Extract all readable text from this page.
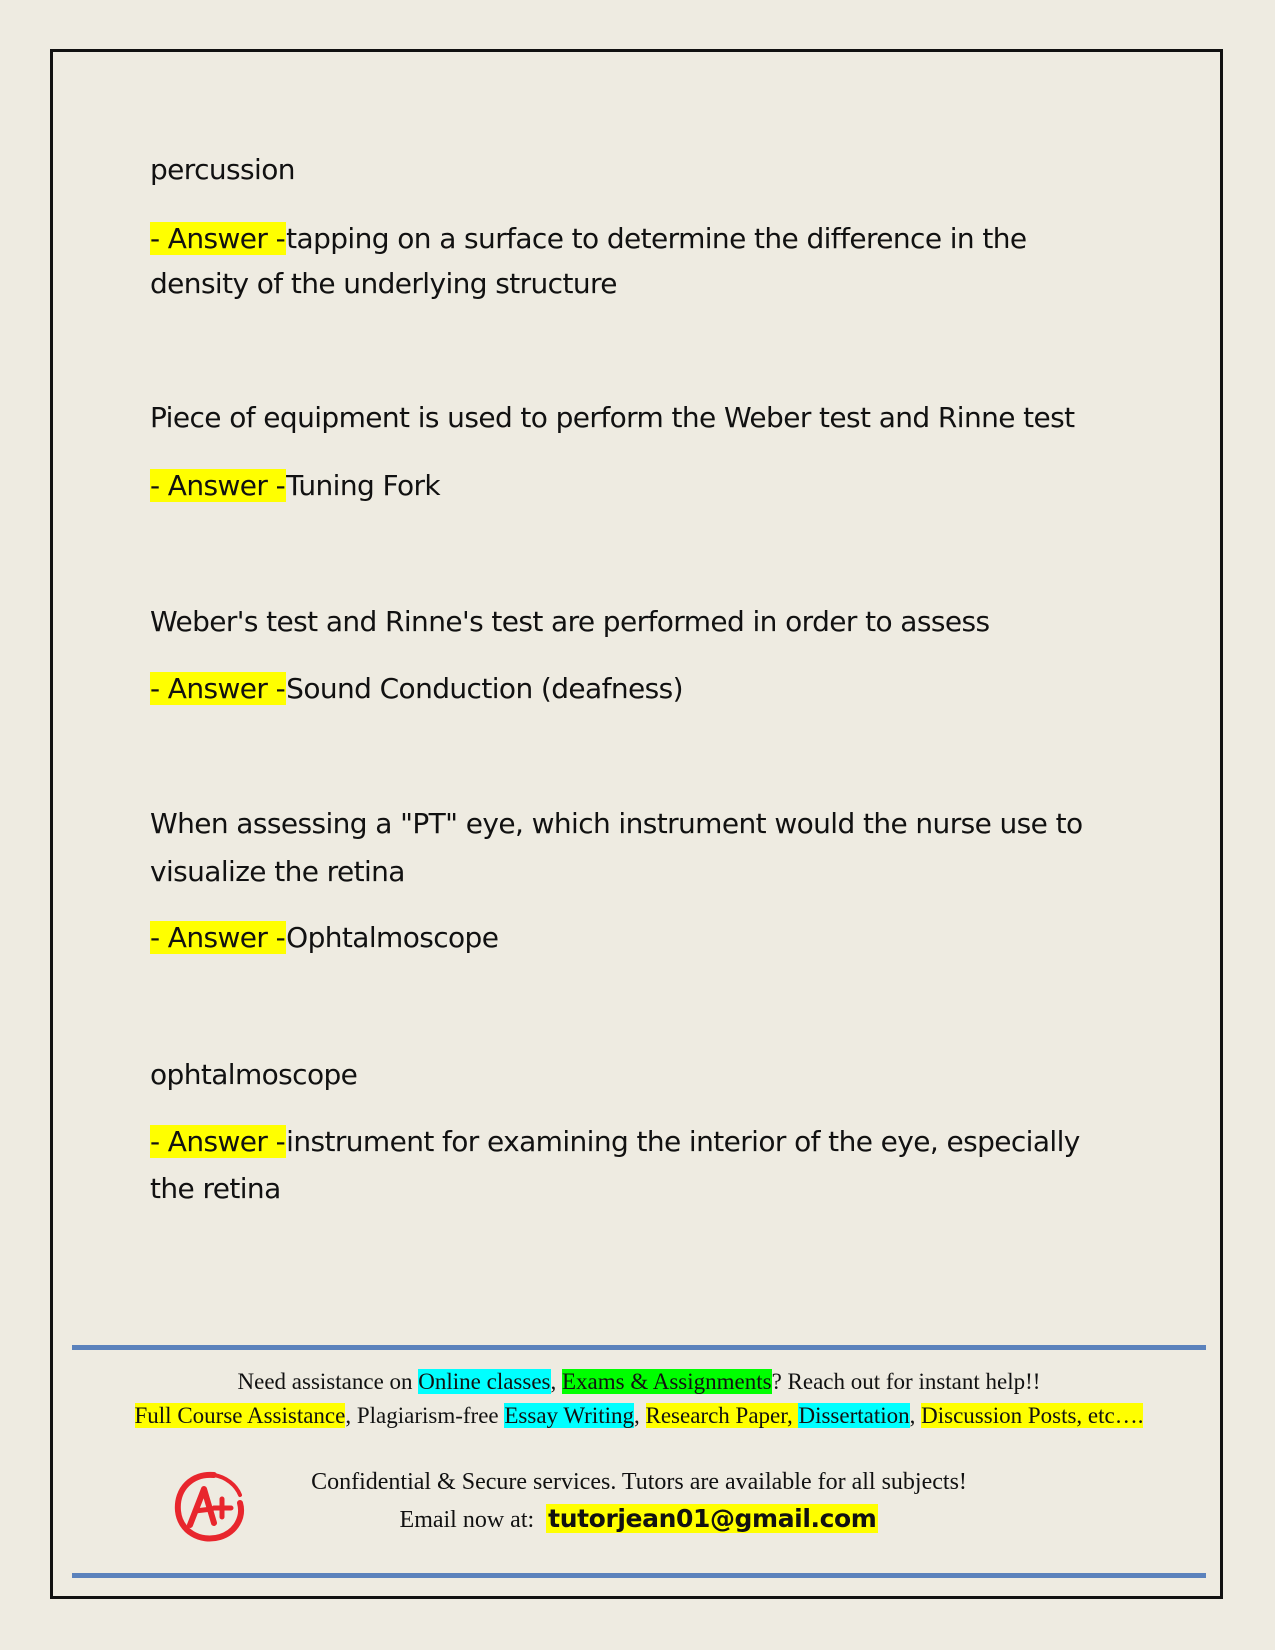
percussion
- Answer -tapping on a surface to determine the difference in the
density of the underlying structure
Piece of equipment is used to perform the Weber test and Rinne test
- Answer -Tuning Fork
Weber's test and Rinne's test are performed in order to assess
- Answer -Sound Conduction (deafness)
When assessing a "PT" eye, which instrument would the nurse use to
visualize the retina
- Answer -Ophtalmoscope
ophtalmoscope
- Answer -instrument for examining the interior of the eye, especially
the retina
Need assistance on Online classes, Exams & Assignments? Reach out for instant help!!
Full Course Assistance, Plagiarism-free Essay Writing, Research Paper, Dissertation, Discussion Posts, etc….
Confidential & Secure services. Tutors are available for all subjects!
Email now at:  tutorjean01@gmail.com
